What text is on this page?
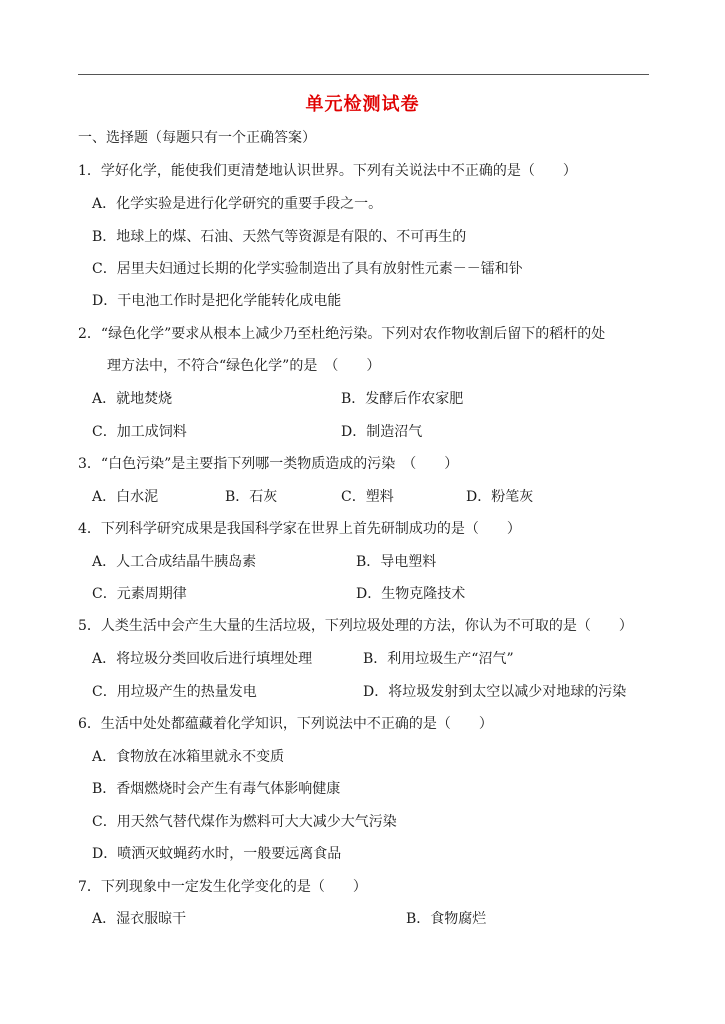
单元检测试卷
一、选择题（每题只有一个正确答案）
1．学好化学，能使我们更清楚地认识世界。下列有关说法中不正确的是（　　）
A．化学实验是进行化学研究的重要手段之一。
B．地球上的煤、石油、天然气等资源是有限的、不可再生的
C．居里夫妇通过长期的化学实验制造出了具有放射性元素－－镭和钋
D．干电池工作时是把化学能转化成电能
2．“绿色化学”要求从根本上减少乃至杜绝污染。下列对农作物收割后留下的稻杆的处
理方法中，不符合“绿色化学”的是　（　　）
A．就地焚烧	B．发酵后作农家肥
C．加工成饲料	D．制造沼气
3．“白色污染”是主要指下列哪一类物质造成的污染　（　　）
A．白水泥	B．石灰	C．塑料	D．粉笔灰
4．下列科学研究成果是我国科学家在世界上首先研制成功的是（　　）
A．人工合成结晶牛胰岛素	B．导电塑料
C．元素周期律	D．生物克隆技术
5．人类生活中会产生大量的生活垃圾，下列垃圾处理的方法，你认为不可取的是（　　）
A．将垃圾分类回收后进行填埋处理	B．利用垃圾生产“沼气”
C．用垃圾产生的热量发电	D．将垃圾发射到太空以减少对地球的污染
6．生活中处处都蕴藏着化学知识，下列说法中不正确的是（　　）
A．食物放在冰箱里就永不变质
B．香烟燃烧时会产生有毒气体影响健康
C．用天然气替代煤作为燃料可大大减少大气污染
D．喷洒灭蚊蝇药水时，一般要远离食品
7．下列现象中一定发生化学变化的是（　　）
A．湿衣服晾干	B．食物腐烂
